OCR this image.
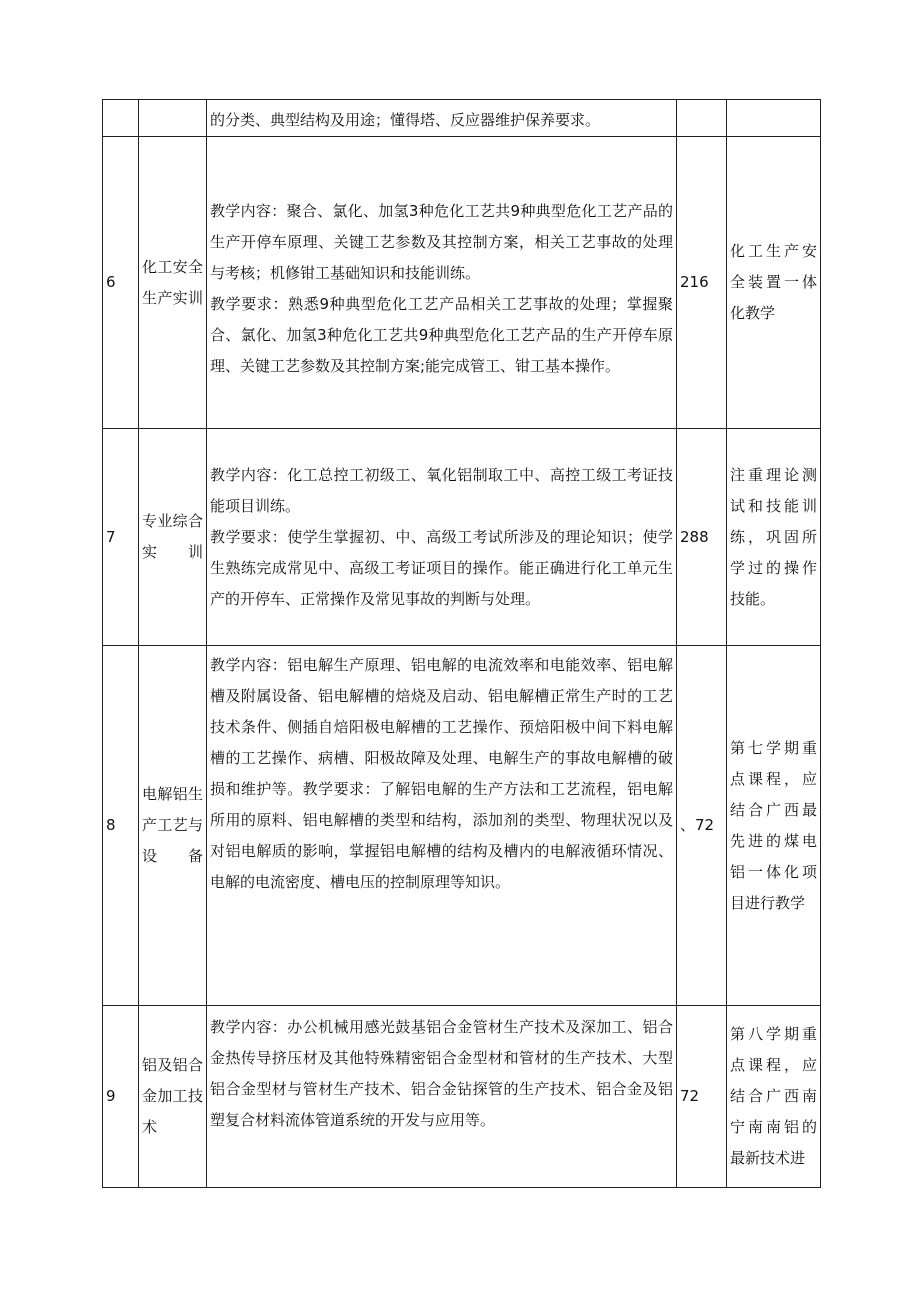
		的分类、典型结构及用途；懂得塔、反应器维护保养要求。		

6	化工安全生产实训	教学内容：聚合、氯化、加氢3种危化工艺共9种典型危化工艺产品的生产开停车原理、关键工艺参数及其控制方案，相关工艺事故的处理与考核；机修钳工基础知识和技能训练。
教学要求：熟悉9种典型危化工艺产品相关工艺事故的处理；掌握聚合、氯化、加氢3种危化工艺共9种典型危化工艺产品的生产开停车原理、关键工艺参数及其控制方案;能完成管工、钳工基本操作。	216	化工生产安全装置一体化教学
7	专业综合实训	教学内容：化工总控工初级工、氧化铝制取工中、高控工级工考证技能项目训练。
教学要求：使学生掌握初、中、高级工考试所涉及的理论知识；使学生熟练完成常见中、高级工考证项目的操作。能正确进行化工单元生产的开停车、正常操作及常见事故的判断与处理。	288	注重理论测试和技能训练，巩固所学过的操作技能。
8	电解铝生产工艺与设备	教学内容：铝电解生产原理、铝电解的电流效率和电能效率、铝电解槽及附属设备、铝电解槽的焙烧及启动、铝电解槽正常生产时的工艺技术条件、侧插自焙阳极电解槽的工艺操作、预焙阳极中间下料电解槽的工艺操作、病槽、阳极故障及处理、电解生产的事故电解槽的破损和维护等。教学要求：了解铝电解的生产方法和工艺流程，铝电解所用的原料、铝电解槽的类型和结构，添加剂的类型、物理状况以及对铝电解质的影响，掌握铝电解槽的结构及槽内的电解液循环情况、电解的电流密度、槽电压的控制原理等知识。	、72	第七学期重点课程，应结合广西最先进的煤电铝一体化项目进行教学
9	铝及铝合金加工技术	教学内容：办公机械用感光鼓基铝合金管材生产技术及深加工、铝合金热传导挤压材及其他特殊精密铝合金型材和管材的生产技术、大型铝合金型材与管材生产技术、铝合金钻探管的生产技术、铝合金及铝塑复合材料流体管道系统的开发与应用等。	72	第八学期重点课程，应结合广西南宁南南铝的最新技术进
